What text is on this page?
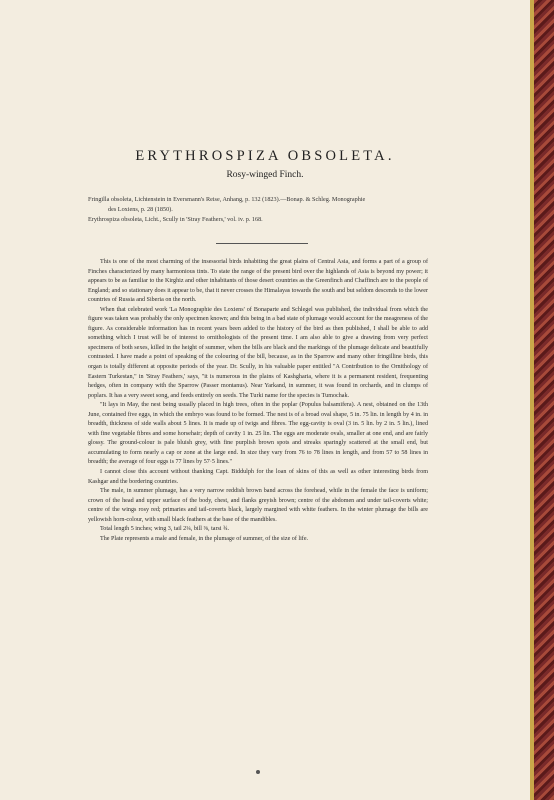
ERYTHROSPIZA OBSOLETA.
Rosy-winged Finch.

Fringilla obsoleta, Lichtenstein in Eversmann's Reise, Anhang, p. 132 (1823).—Bonap. & Schleg. Monographie

des Loxiens, p. 28 (1850).

Erythrospiza obsoleta, Licht., Scully in 'Stray Feathers,' vol. iv. p. 168.

This is one of the most charming of the insessorial birds inhabiting the great plains of Central Asia, and forms a part of a group of Finches characterized by many harmonious tints. To state the range of the present bird over the highlands of Asia is beyond my power; it appears to be as familiar to the Kirghiz and other inhabitants of those desert countries as the Greenfinch and Chaffinch are to the people of England; and so stationary does it appear to be, that it never crosses the Himalayas towards the south and but seldom descends to the lower countries of Russia and Siberia on the north.

When that celebrated work 'La Monographie des Loxiens' of Bonaparte and Schlegel was published, the individual from which the figure was taken was probably the only specimen known; and this being in a bad state of plumage would account for the meagreness of the figure. As considerable information has in recent years been added to the history of the bird as then published, I shall be able to add something which I trust will be of interest to ornithologists of the present time. I am also able to give a drawing from very perfect specimens of both sexes, killed in the height of summer, when the bills are black and the markings of the plumage delicate and beautifully contrasted. I have made a point of speaking of the colouring of the bill, because, as in the Sparrow and many other fringilline birds, this organ is totally different at opposite periods of the year. Dr. Scully, in his valuable paper entitled "A Contribution to the Ornithology of Eastern Turkestan," in 'Stray Feathers,' says, "it is numerous in the plains of Kashgharia, where it is a permanent resident, frequenting hedges, often in company with the Sparrow (Passer montanus). Near Yarkand, in summer, it was found in orchards, and in clumps of poplars. It has a very sweet song, and feeds entirely on seeds. The Turki name for the species is Tumochak.

"It lays in May, the nest being usually placed in high trees, often in the poplar (Populus balsamifera). A nest, obtained on the 13th June, contained five eggs, in which the embryo was found to be formed. The nest is of a broad oval shape, 5 in. 75 lin. in length by 4 in. in breadth, thickness of side walls about 5 lines. It is made up of twigs and fibres. The egg-cavity is oval (3 in. 5 lin. by 2 in. 5 lin.), lined with fine vegetable fibres and some horsehair; depth of cavity 1 in. 25 lin. The eggs are moderate ovals, smaller at one end, and are fairly glossy. The ground-colour is pale bluish grey, with fine purplish brown spots and streaks sparingly scattered at the small end, but accumulating to form nearly a cap or zone at the large end. In size they vary from 76 to 78 lines in length, and from 57 to 58 lines in breadth; the average of four eggs is 77 lines by 57·5 lines."

I cannot close this account without thanking Capt. Biddulph for the loan of skins of this as well as other interesting birds from Kashgar and the bordering countries.

The male, in summer plumage, has a very narrow reddish brown band across the forehead, while in the female the face is uniform; crown of the head and upper surface of the body, chest, and flanks greyish brown; centre of the abdomen and under tail-coverts white; centre of the wings rosy red; primaries and tail-coverts black, largely margined with white feathers. In the winter plumage the bills are yellowish horn-colour, with small black feathers at the base of the mandibles.

Total length 5 inches; wing 3, tail 2¼, bill ⅜, tarsi ¾.

The Plate represents a male and female, in the plumage of summer, of the size of life.
